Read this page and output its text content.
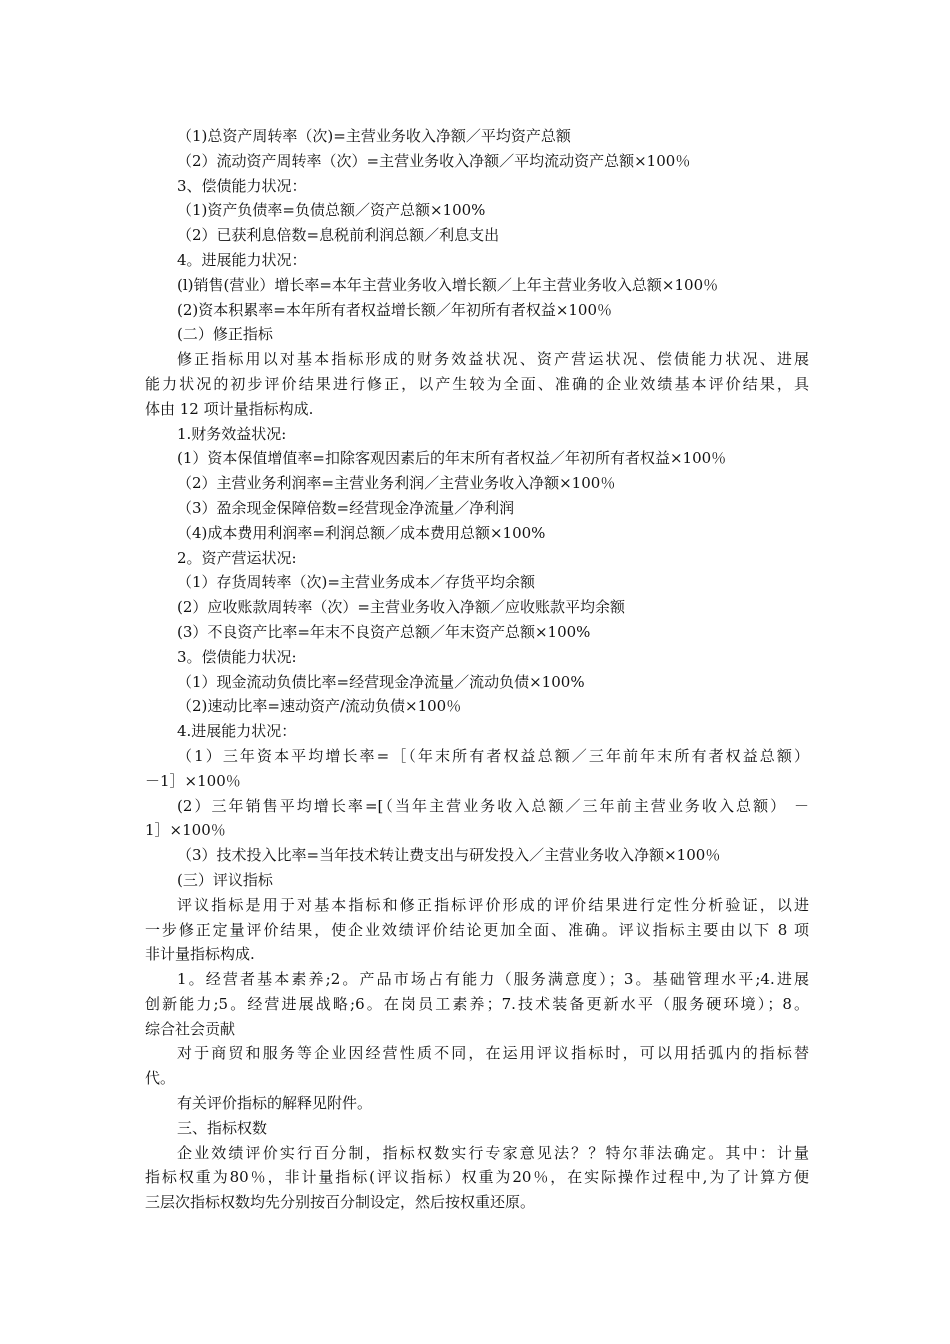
（1)总资产周转率（次)=主营业务收入净额／平均资产总额

（2）流动资产周转率（次）=主营业务收入净额／平均流动资产总额×100％

3、偿债能力状况：

（1)资产负债率=负债总额／资产总额×100%

（2）已获利息倍数=息税前利润总额／利息支出

4。进展能力状况：

(l)销售(营业）增长率=本年主营业务收入增长额／上年主营业务收入总额×100％

(2)资本积累率=本年所有者权益增长额／年初所有者权益×100％

(二）修正指标

修正指标用以对基本指标形成的财务效益状况、资产营运状况、偿债能力状况、进展

能力状况的初步评价结果进行修正，以产生较为全面、准确的企业效绩基本评价结果，具

体由 12 项计量指标构成.

1.财务效益状况:

(1）资本保值增值率=扣除客观因素后的年末所有者权益／年初所有者权益×100％

（2）主营业务利润率=主营业务利润／主营业务收入净额×100％

（3）盈余现金保障倍数=经营现金净流量／净利润

（4)成本费用利润率=利润总额／成本费用总额×100%

2。资产营运状况:

（1）存货周转率（次)=主营业务成本／存货平均余额

(2）应收账款周转率（次）=主营业务收入净额／应收账款平均余额

(3）不良资产比率=年末不良资产总额／年末资产总额×100%

3。偿债能力状况:

（1）现金流动负债比率=经营现金净流量／流动负债×100%

（2)速动比率=速动资产/流动负债×100％

4.进展能力状况：

（1）三年资本平均增长率=［（年末所有者权益总额／三年前年末所有者权益总额）

－1］×100％

(2）三年销售平均增长率=[（当年主营业务收入总额／三年前主营业务收入总额） －

1］×100％

（3）技术投入比率=当年技术转让费支出与研发投入／主营业务收入净额×100％

(三）评议指标

评议指标是用于对基本指标和修正指标评价形成的评价结果进行定性分析验证，以进

一步修正定量评价结果，使企业效绩评价结论更加全面、准确。评议指标主要由以下 8 项

非计量指标构成.

1。经营者基本素养;2。产品市场占有能力（服务满意度）；3。基础管理水平;4.进展

创新能力;5。经营进展战略;6。在岗员工素养；7.技术装备更新水平（服务硬环境）；8。

综合社会贡献

对于商贸和服务等企业因经营性质不同，在运用评议指标时，可以用括弧内的指标替

代。

有关评价指标的解释见附件。

三、指标权数

企业效绩评价实行百分制，指标权数实行专家意见法？？特尔菲法确定。其中：计量

指标权重为80％，非计量指标(评议指标）权重为20％，在实际操作过程中,为了计算方便

三层次指标权数均先分别按百分制设定，然后按权重还原。
